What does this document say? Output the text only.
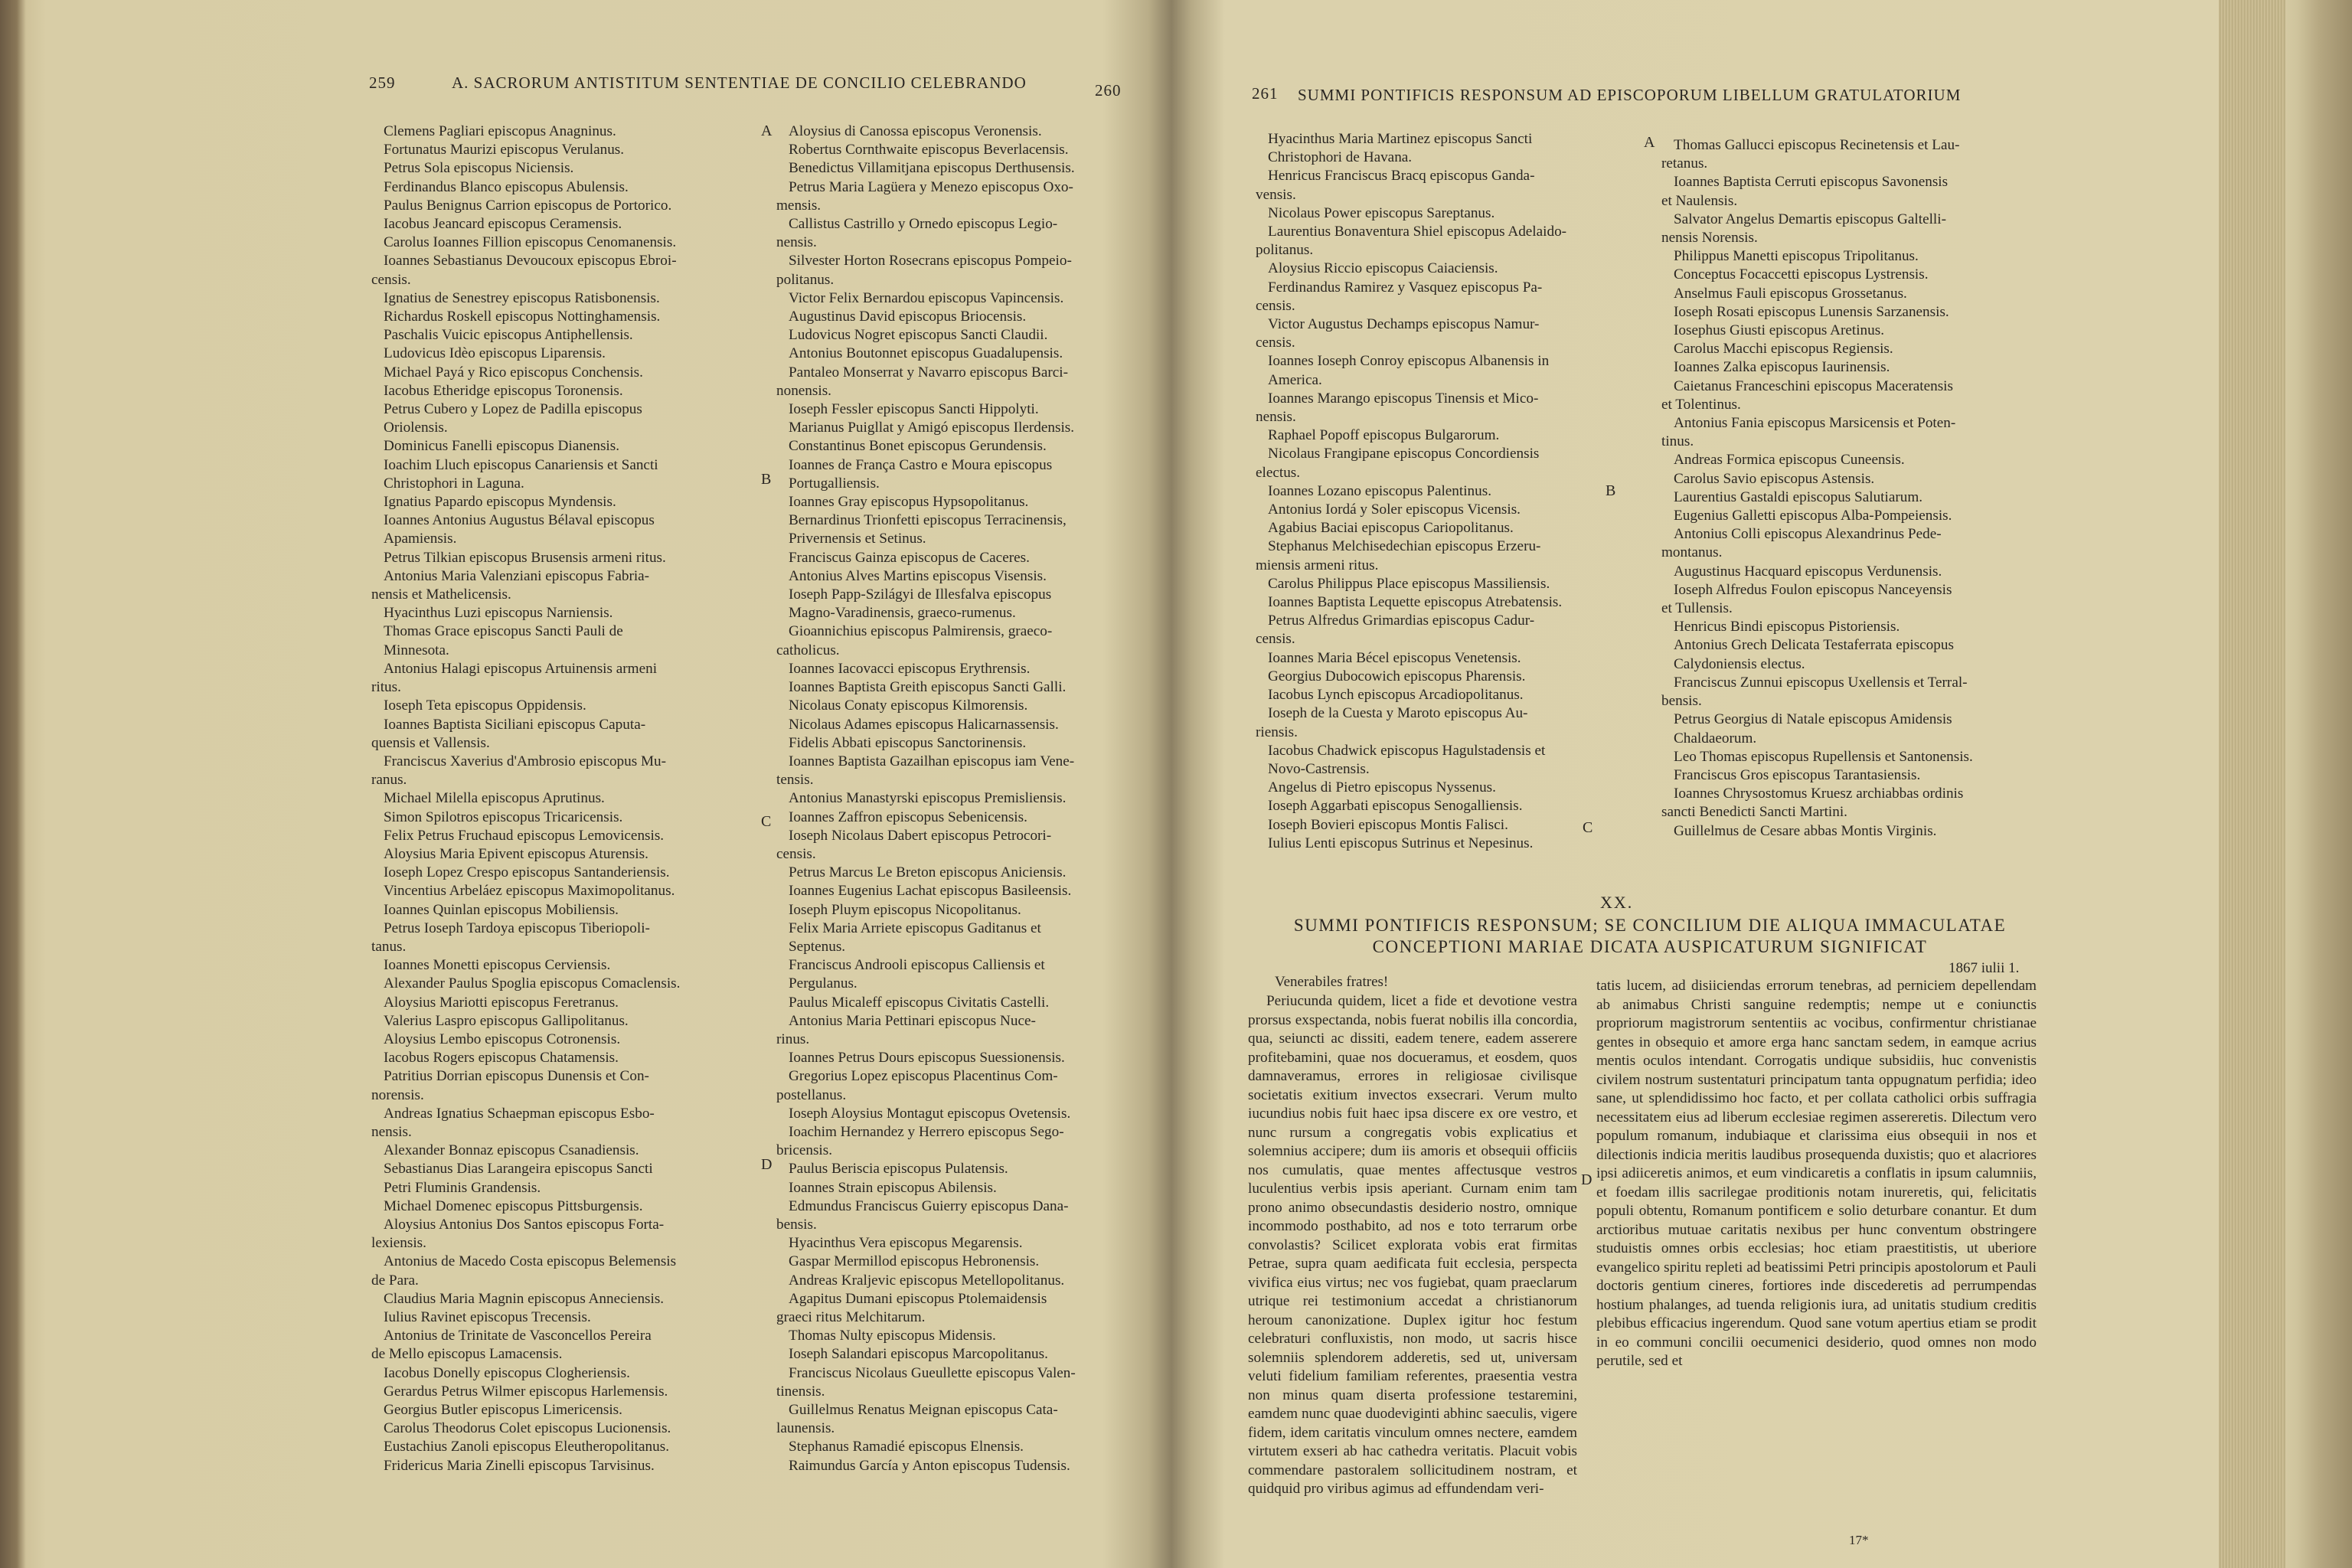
259	A. SACRORUM ANTISTITUM SENTENTIAE DE CONCILIO CELEBRANDO	260
Clemens Pagliari episcopus Anagninus.
Fortunatus Maurizi episcopus Verulanus.
Petrus Sola episcopus Niciensis.
Ferdinandus Blanco episcopus Abulensis.
Paulus Benignus Carrion episcopus de Portorico.
Iacobus Jeancard episcopus Ceramensis.
Carolus Ioannes Fillion episcopus Cenomanensis.
Ioannes Sebastianus Devoucoux episcopus Ebroi-
censis.
Ignatius de Senestrey episcopus Ratisbonensis.
Richardus Roskell episcopus Nottinghamensis.
Paschalis Vuicic episcopus Antiphellensis.
Ludovicus Idèo episcopus Liparensis.
Michael Payá y Rico episcopus Conchensis.
Iacobus Etheridge episcopus Toronensis.
Petrus Cubero y Lopez de Padilla episcopus
Oriolensis.
Dominicus Fanelli episcopus Dianensis.
Ioachim Lluch episcopus Canariensis et Sancti
Christophori in Laguna.
Ignatius Papardo episcopus Myndensis.
Ioannes Antonius Augustus Bélaval episcopus
Apamiensis.
Petrus Tilkian episcopus Brusensis armeni ritus.
Antonius Maria Valenziani episcopus Fabria-
nensis et Mathelicensis.
Hyacinthus Luzi episcopus Narniensis.
Thomas Grace episcopus Sancti Pauli de
Minnesota.
Antonius Halagi episcopus Artuinensis armeni
ritus.
Ioseph Teta episcopus Oppidensis.
Ioannes Baptista Siciliani episcopus Caputa-
quensis et Vallensis.
Franciscus Xaverius d'Ambrosio episcopus Mu-
ranus.
Michael Milella episcopus Aprutinus.
Simon Spilotros episcopus Tricaricensis.
Felix Petrus Fruchaud episcopus Lemovicensis.
Aloysius Maria Epivent episcopus Aturensis.
Ioseph Lopez Crespo episcopus Santanderiensis.
Vincentius Arbeláez episcopus Maximopolitanus.
Ioannes Quinlan episcopus Mobiliensis.
Petrus Ioseph Tardoya episcopus Tiberiopoli-
tanus.
Ioannes Monetti episcopus Cerviensis.
Alexander Paulus Spoglia episcopus Comaclensis.
Aloysius Mariotti episcopus Feretranus.
Valerius Laspro episcopus Gallipolitanus.
Aloysius Lembo episcopus Cotronensis.
Iacobus Rogers episcopus Chatamensis.
Patritius Dorrian episcopus Dunensis et Con-
norensis.
Andreas Ignatius Schaepman episcopus Esbo-
nensis.
Alexander Bonnaz episcopus Csanadiensis.
Sebastianus Dias Larangeira episcopus Sancti
Petri Fluminis Grandensis.
Michael Domenec episcopus Pittsburgensis.
Aloysius Antonius Dos Santos episcopus Forta-
lexiensis.
Antonius de Macedo Costa episcopus Belemensis
de Para.
Claudius Maria Magnin episcopus Anneciensis.
Iulius Ravinet episcopus Trecensis.
Antonius de Trinitate de Vasconcellos Pereira
de Mello episcopus Lamacensis.
Iacobus Donelly episcopus Clogheriensis.
Gerardus Petrus Wilmer episcopus Harlemensis.
Georgius Butler episcopus Limericensis.
Carolus Theodorus Colet episcopus Lucionensis.
Eustachius Zanoli episcopus Eleutheropolitanus.
Fridericus Maria Zinelli episcopus Tarvisinus.
Aloysius di Canossa episcopus Veronensis.
Robertus Cornthwaite episcopus Beverlacensis.
Benedictus Villamitjana episcopus Derthusensis.
Petrus Maria Lagüera y Menezo episcopus Oxo-
mensis.
Callistus Castrillo y Ornedo episcopus Legio-
nensis.
Silvester Horton Rosecrans episcopus Pompeio-
politanus.
Victor Felix Bernardou episcopus Vapincensis.
Augustinus David episcopus Briocensis.
Ludovicus Nogret episcopus Sancti Claudii.
Antonius Boutonnet episcopus Guadalupensis.
Pantaleo Monserrat y Navarro episcopus Barci-
nonensis.
Ioseph Fessler episcopus Sancti Hippolyti.
Marianus Puigllat y Amigó episcopus Ilerdensis.
Constantinus Bonet episcopus Gerundensis.
Ioannes de França Castro e Moura episcopus
Portugalliensis.
Ioannes Gray episcopus Hypsopolitanus.
Bernardinus Trionfetti episcopus Terracinensis,
Privernensis et Setinus.
Franciscus Gainza episcopus de Caceres.
Antonius Alves Martins episcopus Visensis.
Ioseph Papp-Szilágyi de Illesfalva episcopus
Magno-Varadinensis, graeco-rumenus.
Gioannichius episcopus Palmirensis, graeco-
catholicus.
Ioannes Iacovacci episcopus Erythrensis.
Ioannes Baptista Greith episcopus Sancti Galli.
Nicolaus Conaty episcopus Kilmorensis.
Nicolaus Adames episcopus Halicarnassensis.
Fidelis Abbati episcopus Sanctorinensis.
Ioannes Baptista Gazailhan episcopus iam Vene-
tensis.
Antonius Manastyrski episcopus Premisliensis.
Ioannes Zaffron episcopus Sebenicensis.
Ioseph Nicolaus Dabert episcopus Petrocori-
censis.
Petrus Marcus Le Breton episcopus Aniciensis.
Ioannes Eugenius Lachat episcopus Basileensis.
Ioseph Pluym episcopus Nicopolitanus.
Felix Maria Arriete episcopus Gaditanus et
Septenus.
Franciscus Androoli episcopus Calliensis et
Pergulanus.
Paulus Micaleff episcopus Civitatis Castelli.
Antonius Maria Pettinari episcopus Nuce-
rinus.
Ioannes Petrus Dours episcopus Suessionensis.
Gregorius Lopez episcopus Placentinus Com-
postellanus.
Ioseph Aloysius Montagut episcopus Ovetensis.
Ioachim Hernandez y Herrero episcopus Sego-
bricensis.
Paulus Beriscia episcopus Pulatensis.
Ioannes Strain episcopus Abilensis.
Edmundus Franciscus Guierry episcopus Dana-
bensis.
Hyacinthus Vera episcopus Megarensis.
Gaspar Mermillod episcopus Hebronensis.
Andreas Kraljevic episcopus Metellopolitanus.
Agapitus Dumani episcopus Ptolemaidensis
graeci ritus Melchitarum.
Thomas Nulty episcopus Midensis.
Ioseph Salandari episcopus Marcopolitanus.
Franciscus Nicolaus Gueullette episcopus Valen-
tinensis.
Guillelmus Renatus Meignan episcopus Cata-
launensis.
Stephanus Ramadié episcopus Elnensis.
Raimundus García y Anton episcopus Tudensis.
A
B
C
D
261 SUMMI PONTIFICIS RESPONSUM AD EPISCOPORUM LIBELLUM GRATULATORIUM
Hyacinthus Maria Martinez episcopus Sancti
Christophori de Havana.
Henricus Franciscus Bracq episcopus Ganda-
vensis.
Nicolaus Power episcopus Sareptanus.
Laurentius Bonaventura Shiel episcopus Adelaido-
politanus.
Aloysius Riccio episcopus Caiaciensis.
Ferdinandus Ramirez y Vasquez episcopus Pa-
censis.
Victor Augustus Dechamps episcopus Namur-
censis.
Ioannes Ioseph Conroy episcopus Albanensis in
America.
Ioannes Marango episcopus Tinensis et Mico-
nensis.
Raphael Popoff episcopus Bulgarorum.
Nicolaus Frangipane episcopus Concordiensis
electus.
Ioannes Lozano episcopus Palentinus.
Antonius Iordá y Soler episcopus Vicensis.
Agabius Baciai episcopus Cariopolitanus.
Stephanus Melchisedechian episcopus Erzeru-
miensis armeni ritus.
Carolus Philippus Place episcopus Massiliensis.
Ioannes Baptista Lequette episcopus Atrebatensis.
Petrus Alfredus Grimardias episcopus Cadur-
censis.
Ioannes Maria Bécel episcopus Venetensis.
Georgius Dubocowich episcopus Pharensis.
Iacobus Lynch episcopus Arcadiopolitanus.
Ioseph de la Cuesta y Maroto episcopus Au-
riensis.
Iacobus Chadwick episcopus Hagulstadensis et
Novo-Castrensis.
Angelus di Pietro episcopus Nyssenus.
Ioseph Aggarbati episcopus Senogalliensis.
Ioseph Bovieri episcopus Montis Falisci.
Iulius Lenti episcopus Sutrinus et Nepesinus.
Thomas Gallucci episcopus Recinetensis et Lau-
retanus.
Ioannes Baptista Cerruti episcopus Savonensis
et Naulensis.
Salvator Angelus Demartis episcopus Galtelli-
nensis Norensis.
Philippus Manetti episcopus Tripolitanus.
Conceptus Focaccetti episcopus Lystrensis.
Anselmus Fauli episcopus Grossetanus.
Ioseph Rosati episcopus Lunensis Sarzanensis.
Iosephus Giusti episcopus Aretinus.
Carolus Macchi episcopus Regiensis.
Ioannes Zalka episcopus Iaurinensis.
Caietanus Franceschini episcopus Maceratensis
et Tolentinus.
Antonius Fania episcopus Marsicensis et Poten-
tinus.
Andreas Formica episcopus Cuneensis.
Carolus Savio episcopus Astensis.
Laurentius Gastaldi episcopus Salutiarum.
Eugenius Galletti episcopus Alba-Pompeiensis.
Antonius Colli episcopus Alexandrinus Pede-
montanus.
Augustinus Hacquard episcopus Verdunensis.
Ioseph Alfredus Foulon episcopus Nanceyensis
et Tullensis.
Henricus Bindi episcopus Pistoriensis.
Antonius Grech Delicata Testaferrata episcopus
Calydoniensis electus.
Franciscus Zunnui episcopus Uxellensis et Terral-
bensis.
Petrus Georgius di Natale episcopus Amidensis
Chaldaeorum.
Leo Thomas episcopus Rupellensis et Santonensis.
Franciscus Gros episcopus Tarantasiensis.
Ioannes Chrysostomus Kruesz archiabbas ordinis
sancti Benedicti Sancti Martini.
Guillelmus de Cesare abbas Montis Virginis.
A
B
C
D
XX.
SUMMI PONTIFICIS RESPONSUM; SE CONCILIUM DIE ALIQUA IMMACULATAE
CONCEPTIONI MARIAE DICATA AUSPICATURUM SIGNIFICAT
1867 iulii 1.
Venerabiles fratres!

Periucunda quidem, licet a fide et devotione vestra prorsus exspectanda, nobis fuerat nobilis illa concordia, qua, seiuncti ac dissiti, eadem tenere, eadem asserere profitebamini, quae nos docueramus, et eosdem, quos damnaveramus, errores in religiosae civilisque societatis exitium invectos exsecrari. Verum multo iucundius nobis fuit haec ipsa discere ex ore vestro, et nunc rursum a congregatis vobis explicatius et solemnius accipere; dum iis amoris et obsequii officiis nos cumulatis, quae mentes affectusque vestros luculentius verbis ipsis aperiant. Curnam enim tam prono animo obsecundastis desiderio nostro, omnique incommodo posthabito, ad nos e toto terrarum orbe convolastis? Scilicet explorata vobis erat firmitas Petrae, supra quam aedificata fuit ecclesia, perspecta vivifica eius virtus; nec vos fugiebat, quam praeclarum utrique rei testimonium accedat a christianorum heroum canonizatione. Duplex igitur hoc festum celebraturi confluxistis, non modo, ut sacris hisce solemniis splendorem adderetis, sed ut, universam veluti fidelium familiam referentes, praesentia vestra non minus quam diserta professione testaremini, eamdem nunc quae duodeviginti abhinc saeculis, vigere fidem, idem caritatis vinculum omnes nectere, eamdem virtutem exseri ab hac cathedra veritatis. Placuit vobis commendare pastoralem sollicitudinem nostram, et quidquid pro viribus agimus ad effundendam veri-

tatis lucem, ad disiiciendas errorum tenebras, ad perniciem depellendam ab animabus Christi sanguine redemptis; nempe ut e coniunctis propriorum magistrorum sententiis ac vocibus, confirmentur christianae gentes in obsequio et amore erga hanc sanctam sedem, in eamque acrius mentis oculos intendant. Corrogatis undique subsidiis, huc convenistis civilem nostrum sustentaturi principatum tanta oppugnatum perfidia; ideo sane, ut splendidissimo hoc facto, et per collata catholici orbis suffragia necessitatem eius ad liberum ecclesiae regimen assereretis. Dilectum vero populum romanum, indubiaque et clarissima eius obsequii in nos et dilectionis indicia meritis laudibus prosequenda duxistis; quo et alacriores ipsi adiiceretis animos, et eum vindicaretis a conflatis in ipsum calumniis, et foedam illis sacrilegae proditionis notam inureretis, qui, felicitatis populi obtentu, Romanum pontificem e solio deturbare conantur. Et dum arctioribus mutuae caritatis nexibus per hunc conventum obstringere studuistis omnes orbis ecclesias; hoc etiam praestitistis, ut uberiore evangelico spiritu repleti ad beatissimi Petri principis apostolorum et Pauli doctoris gentium cineres, fortiores inde discederetis ad perrumpendas hostium phalanges, ad tuenda religionis iura, ad unitatis studium creditis plebibus efficacius ingerendum. Quod sane votum apertius etiam se prodit in eo communi concilii oecumenici desiderio, quod omnes non modo perutile, sed et

17*
